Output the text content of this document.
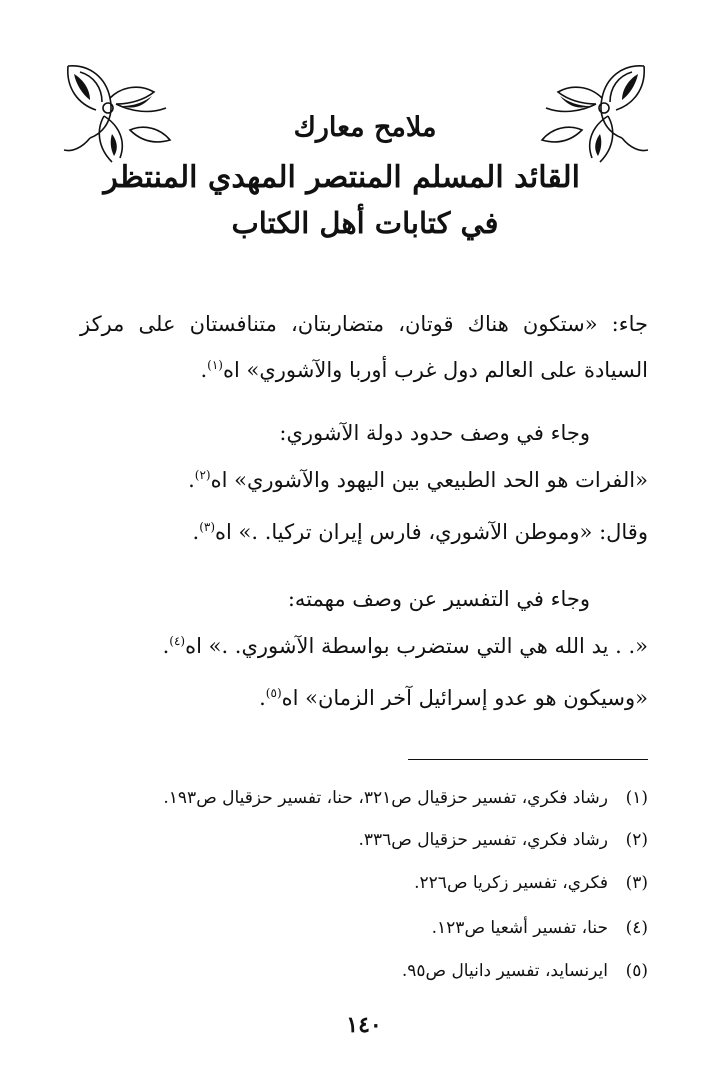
ملامح معارك
القائد المسلم المنتصر المهدي المنتظر
في كتابات أهل الكتاب
جاء: «ستكون هناك قوتان، متضاربتان، متنافستان على مركز
السيادة على العالم دول غرب أوربا والآشوري» اه$^{(١)}$.
وجاء في وصف حدود دولة الآشوري:
«الفرات هو الحد الطبيعي بين اليهود والآشوري» اه$^{(٢)}$.
وقال: «وموطن الآشوري، فارس إيران تركيا. .» اه$^{(٣)}$.
وجاء في التفسير عن وصف مهمته:
«. . يد الله هي التي ستضرب بواسطة الآشوري. .» اه$^{(٤)}$.
«وسيكون هو عدو إسرائيل آخر الزمان» اه$^{(٥)}$.
(١)رشاد فكري، تفسير حزقيال ص٣٢١، حنا، تفسير حزقيال ص١٩٣.
(٢)رشاد فكري، تفسير حزقيال ص٣٣٦.
(٣)فكري، تفسير زكريا ص٢٢٦.
(٤)حنا، تفسير أشعيا ص١٢٣.
(٥)ايرنسايد، تفسير دانيال ص٩٥.
١٤٠
